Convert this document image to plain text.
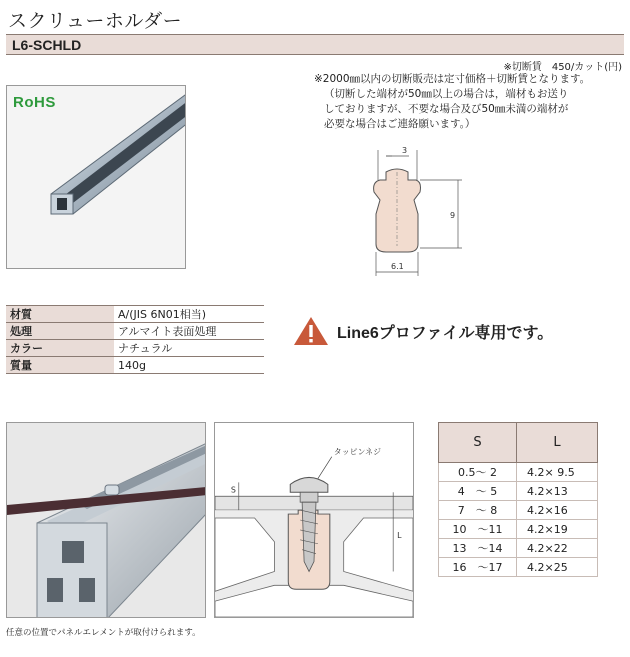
スクリューホルダー
L6-SCHLD
※切断賃　450/カット(円)
※2000㎜以内の切断販売は定寸価格＋切断賃となります。
（切断した端材が50㎜以上の場合は，端材もお送り
しておりますが、不要な場合及び50㎜未満の端材が
必要な場合はご連絡願います。）
RoHS
3
9
6.1
材質	A/(JIS 6N01相当)
処理	アルマイト表面処理
カラー	ナチュラル
質量	140g
Line6プロファイル専用です。
任意の位置でパネルエレメントが取付けられます。
タッピンネジ
S
L
S	L
0.5～ 2	4.2× 9.5
4　～ 5	4.2×13
7　～ 8	4.2×16
10　～11	4.2×19
13　～14	4.2×22
16　～17	4.2×25
